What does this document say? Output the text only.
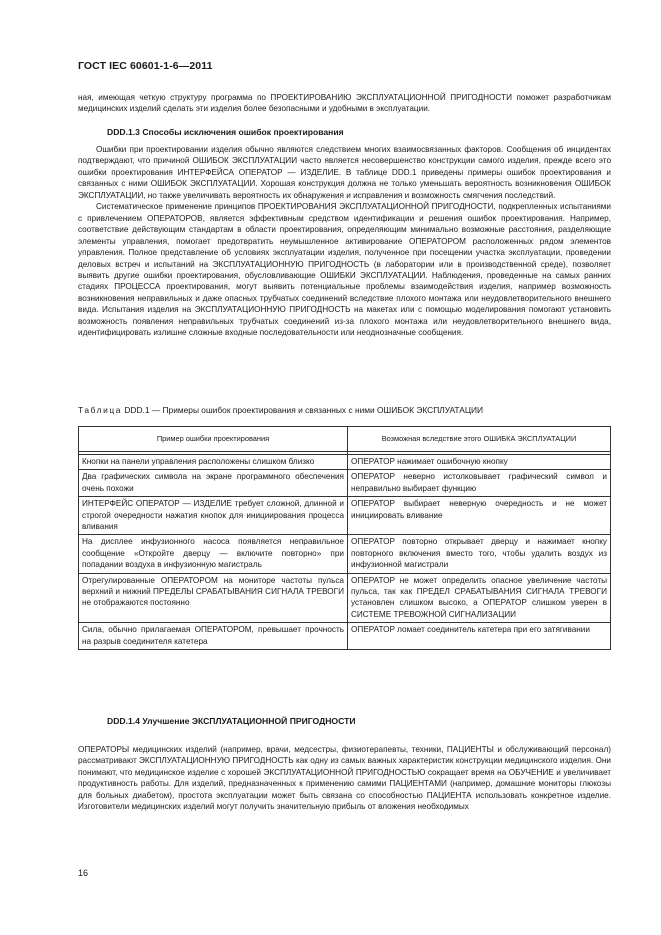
ГОСТ IEC 60601-1-6—2011

ная, имеющая четкую структуру программа по ПРОЕКТИРОВАНИЮ ЭКСПЛУАТАЦИОННОЙ ПРИГОДНОСТИ поможет разработчикам медицинских изделий сделать эти изделия более безопасными и удобными в эксплуатации.

DDD.1.3 Способы исключения ошибок проектирования

Ошибки при проектировании изделия обычно являются следствием многих взаимосвязанных факторов. Сообщения об инцидентах подтверждают, что причиной ОШИБОК ЭКСПЛУАТАЦИИ часто является несовершенство конструкции самого изделия, прежде всего это ошибки проектирования ИНТЕРФЕЙСА ОПЕРАТОР — ИЗДЕЛИЕ. В таблице DDD.1 приведены примеры ошибок проектирования и связанных с ними ОШИБОК ЭКСПЛУАТАЦИИ. Хорошая конструкция должна не только уменьшать вероятность возникновения ОШИБОК ЭКСПЛУАТАЦИИ, но также увеличивать вероятность их обнаружения и исправления и возможность смягчения последствий.

Систематическое применение принципов ПРОЕКТИРОВАНИЯ ЭКСПЛУАТАЦИОННОЙ ПРИГОДНОСТИ, подкрепленных испытаниями с привлечением ОПЕРАТОРОВ, является эффективным средством идентификации и решения ошибок проектирования. Например, соответствие действующим стандартам в области проектирования, определяющим минимально возможные расстояния, разделяющие элементы управления, помогает предотвратить неумышленное активирование ОПЕРАТОРОМ расположенных рядом элементов управления. Полное представление об условиях эксплуатации изделия, полученное при посещении участка эксплуатации, проведении деловых встреч и испытаний на ЭКСПЛУАТАЦИОННУЮ ПРИГОДНОСТЬ (в лаборатории или в производственной среде), позволяет выявить другие ошибки проектирования, обусловливающие ОШИБКИ ЭКСПЛУАТАЦИИ. Наблюдения, проведенные на самых ранних стадиях ПРОЦЕССА проектирования, могут выявить потенциальные проблемы взаимодействия изделия, например возможность возникновения неправильных и даже опасных трубчатых соединений вследствие плохого монтажа или неудовлетворительного внешнего вида. Испытания изделия на ЭКСПЛУАТАЦИОННУЮ ПРИГОДНОСТЬ на макетах или с помощью моделирования помогают установить возможность появления неправильных трубчатых соединений из-за плохого монтажа или неудовлетворительного внешнего вида, идентифицировать излишне сложные входные последовательности или неоднозначные сообщения.

Таблица DDD.1 — Примеры ошибок проектирования и связанных с ними ОШИБОК ЭКСПЛУАТАЦИИ
Пример ошибки проектирования	Возможная вследствие этого ОШИБКА ЭКСПЛУАТАЦИИ

Кнопки на панели управления расположены слишком близко	ОПЕРАТОР нажимает ошибочную кнопку
Два графических символа на экране программного обеспечения очень похожи	ОПЕРАТОР неверно истолковывает графический символ и неправильно выбирает функцию
ИНТЕРФЕЙС ОПЕРАТОР — ИЗДЕЛИЕ требует сложной, длинной и строгой очередности нажатия кнопок для инициирования процесса вливания	ОПЕРАТОР выбирает неверную очередность и не может инициировать вливание
На дисплее инфузионного насоса появляется неправильное сообщение «Откройте дверцу — включите повторно» при попадании воздуха в инфузионную магистраль	ОПЕРАТОР повторно открывает дверцу и нажимает кнопку повторного включения вместо того, чтобы удалить воздух из инфузионной магистрали
Отрегулированные ОПЕРАТОРОМ на мониторе частоты пульса верхний и нижний ПРЕДЕЛЫ СРАБАТЫВАНИЯ СИГНАЛА ТРЕВОГИ не отображаются постоянно	ОПЕРАТОР не может определить опасное увеличение частоты пульса, так как ПРЕДЕЛ СРАБАТЫВАНИЯ СИГНАЛА ТРЕВОГИ установлен слишком высоко, а ОПЕРАТОР слишком уверен в СИСТЕМЕ ТРЕВОЖНОЙ СИГНАЛИЗАЦИИ
Сила, обычно прилагаемая ОПЕРАТОРОМ, превышает прочность на разрыв соединителя катетера	ОПЕРАТОР ломает соединитель катетера при его затягивании
DDD.1.4 Улучшение ЭКСПЛУАТАЦИОННОЙ ПРИГОДНОСТИ

ОПЕРАТОРЫ медицинских изделий (например, врачи, медсестры, физиотерапевты, техники, ПАЦИЕНТЫ и обслуживающий персонал) рассматривают ЭКСПЛУАТАЦИОННУЮ ПРИГОДНОСТЬ как одну из самых важных характеристик конструкции медицинского изделия. Они понимают, что медицинское изделие с хорошей ЭКСПЛУАТАЦИОННОЙ ПРИГОДНОСТЬЮ сокращает время на ОБУЧЕНИЕ и увеличивает продуктивность работы. Для изделий, предназначенных к применению самими ПАЦИЕНТАМИ (например, домашние мониторы глюкозы для больных диабетом), простота эксплуатации может быть связана со способностью ПАЦИЕНТА использовать конкретное изделие. Изготовители медицинских изделий могут получить значительную прибыль от вложения необходимых

16
